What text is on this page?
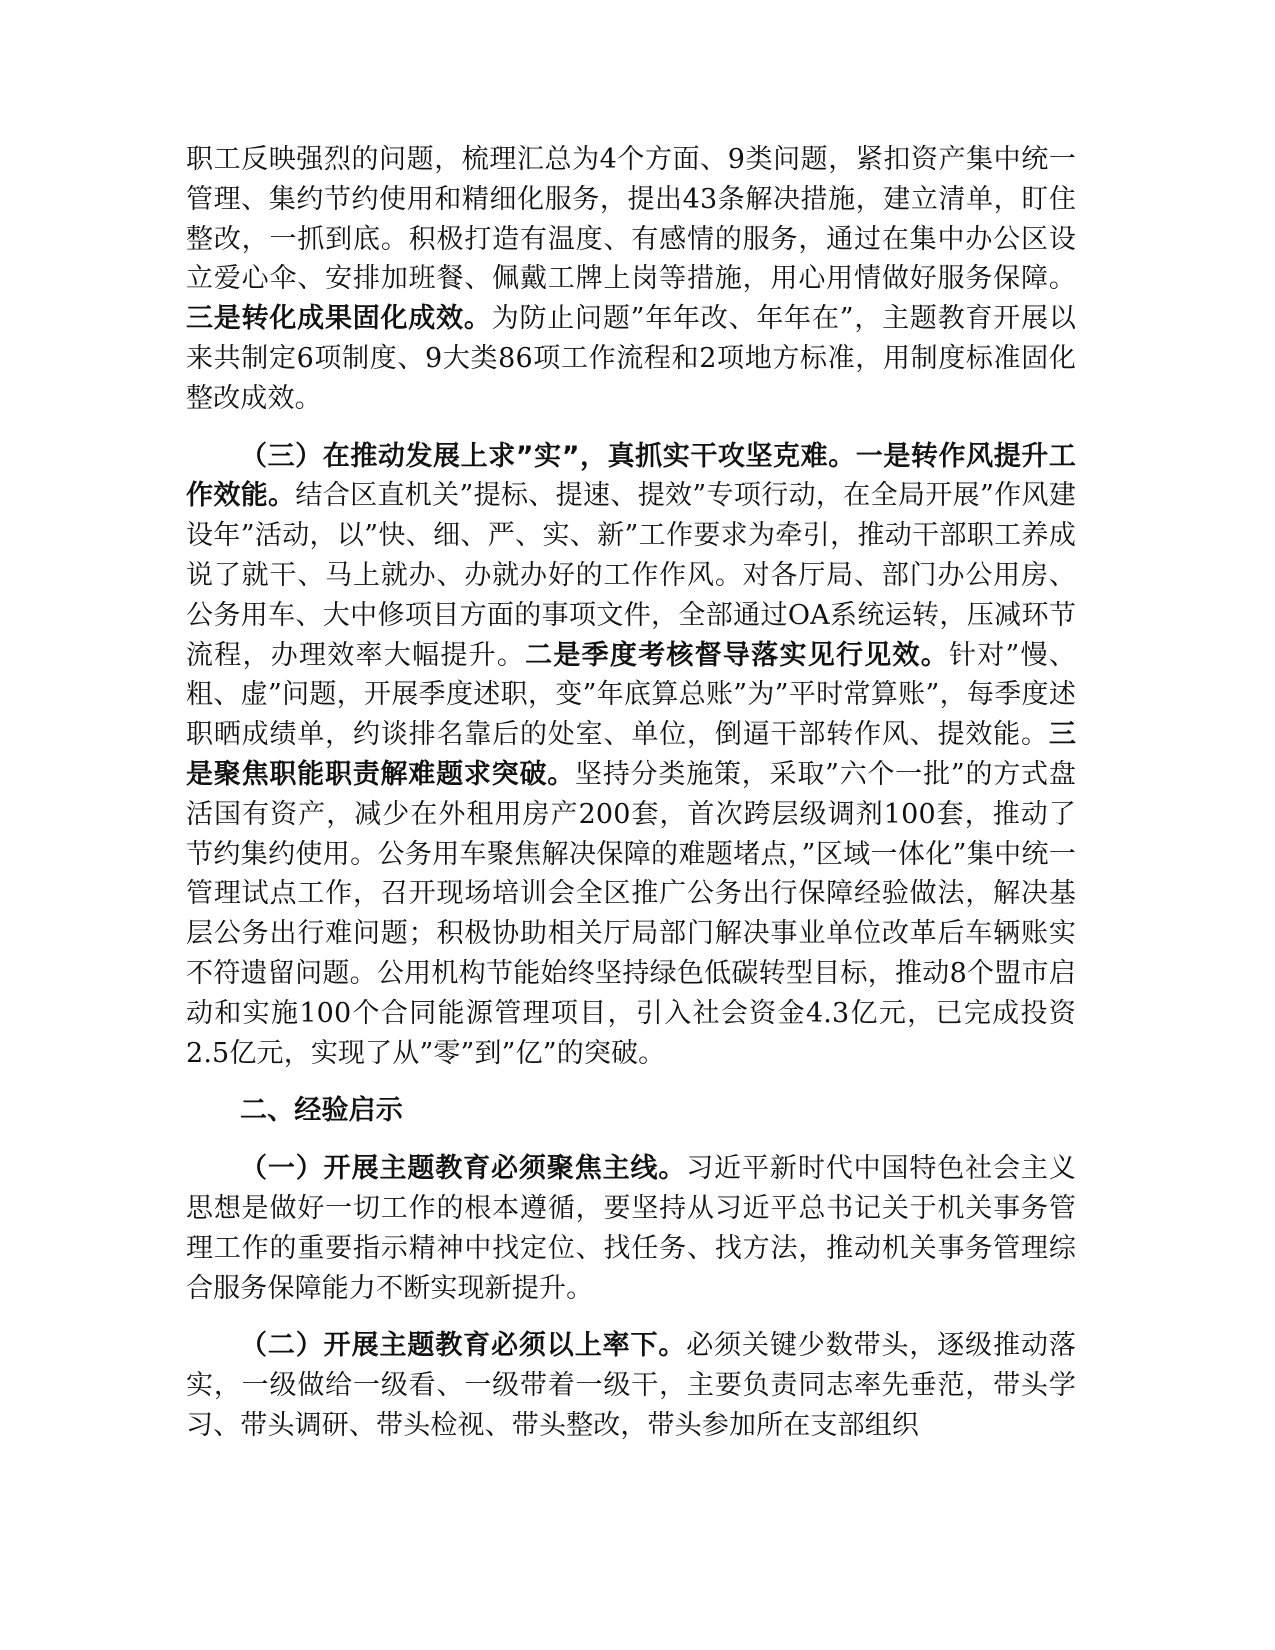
职工反映强烈的问题，梳理汇总为4个方面、9类问题，紧扣资产集中统一管理、集约节约使用和精细化服务，提出43条解决措施，建立清单，盯住整改，一抓到底。积极打造有温度、有感情的服务，通过在集中办公区设立爱心伞、安排加班餐、佩戴工牌上岗等措施，用心用情做好服务保障。三是转化成果固化成效。为防止问题”年年改、年年在”，主题教育开展以来共制定6项制度、9大类86项工作流程和2项地方标准，用制度标准固化整改成效。

（三）在推动发展上求”实”，真抓实干攻坚克难。一是转作风提升工作效能。结合区直机关”提标、提速、提效”专项行动，在全局开展”作风建设年”活动，以”快、细、严、实、新”工作要求为牵引，推动干部职工养成说了就干、马上就办、办就办好的工作作风。对各厅局、部门办公用房、公务用车、大中修项目方面的事项文件，全部通过OA系统运转，压减环节流程，办理效率大幅提升。二是季度考核督导落实见行见效。针对”慢、粗、虚”问题，开展季度述职，变”年底算总账”为”平时常算账”，每季度述职晒成绩单，约谈排名靠后的处室、单位，倒逼干部转作风、提效能。三是聚焦职能职责解难题求突破。坚持分类施策，采取”六个一批”的方式盘活国有资产，减少在外租用房产200套，首次跨层级调剂100套，推动了节约集约使用。公务用车聚焦解决保障的难题堵点，”区域一体化”集中统一管理试点工作，召开现场培训会全区推广公务出行保障经验做法，解决基层公务出行难问题；积极协助相关厅局部门解决事业单位改革后车辆账实不符遗留问题。公用机构节能始终坚持绿色低碳转型目标，推动8个盟市启动和实施100个合同能源管理项目，引入社会资金4.3亿元，已完成投资2.5亿元，实现了从”零”到”亿”的突破。

二、经验启示

（一）开展主题教育必须聚焦主线。习近平新时代中国特色社会主义思想是做好一切工作的根本遵循，要坚持从习近平总书记关于机关事务管理工作的重要指示精神中找定位、找任务、找方法，推动机关事务管理综合服务保障能力不断实现新提升。

（二）开展主题教育必须以上率下。必须关键少数带头，逐级推动落实，一级做给一级看、一级带着一级干，主要负责同志率先垂范，带头学习、带头调研、带头检视、带头整改，带头参加所在支部组织
